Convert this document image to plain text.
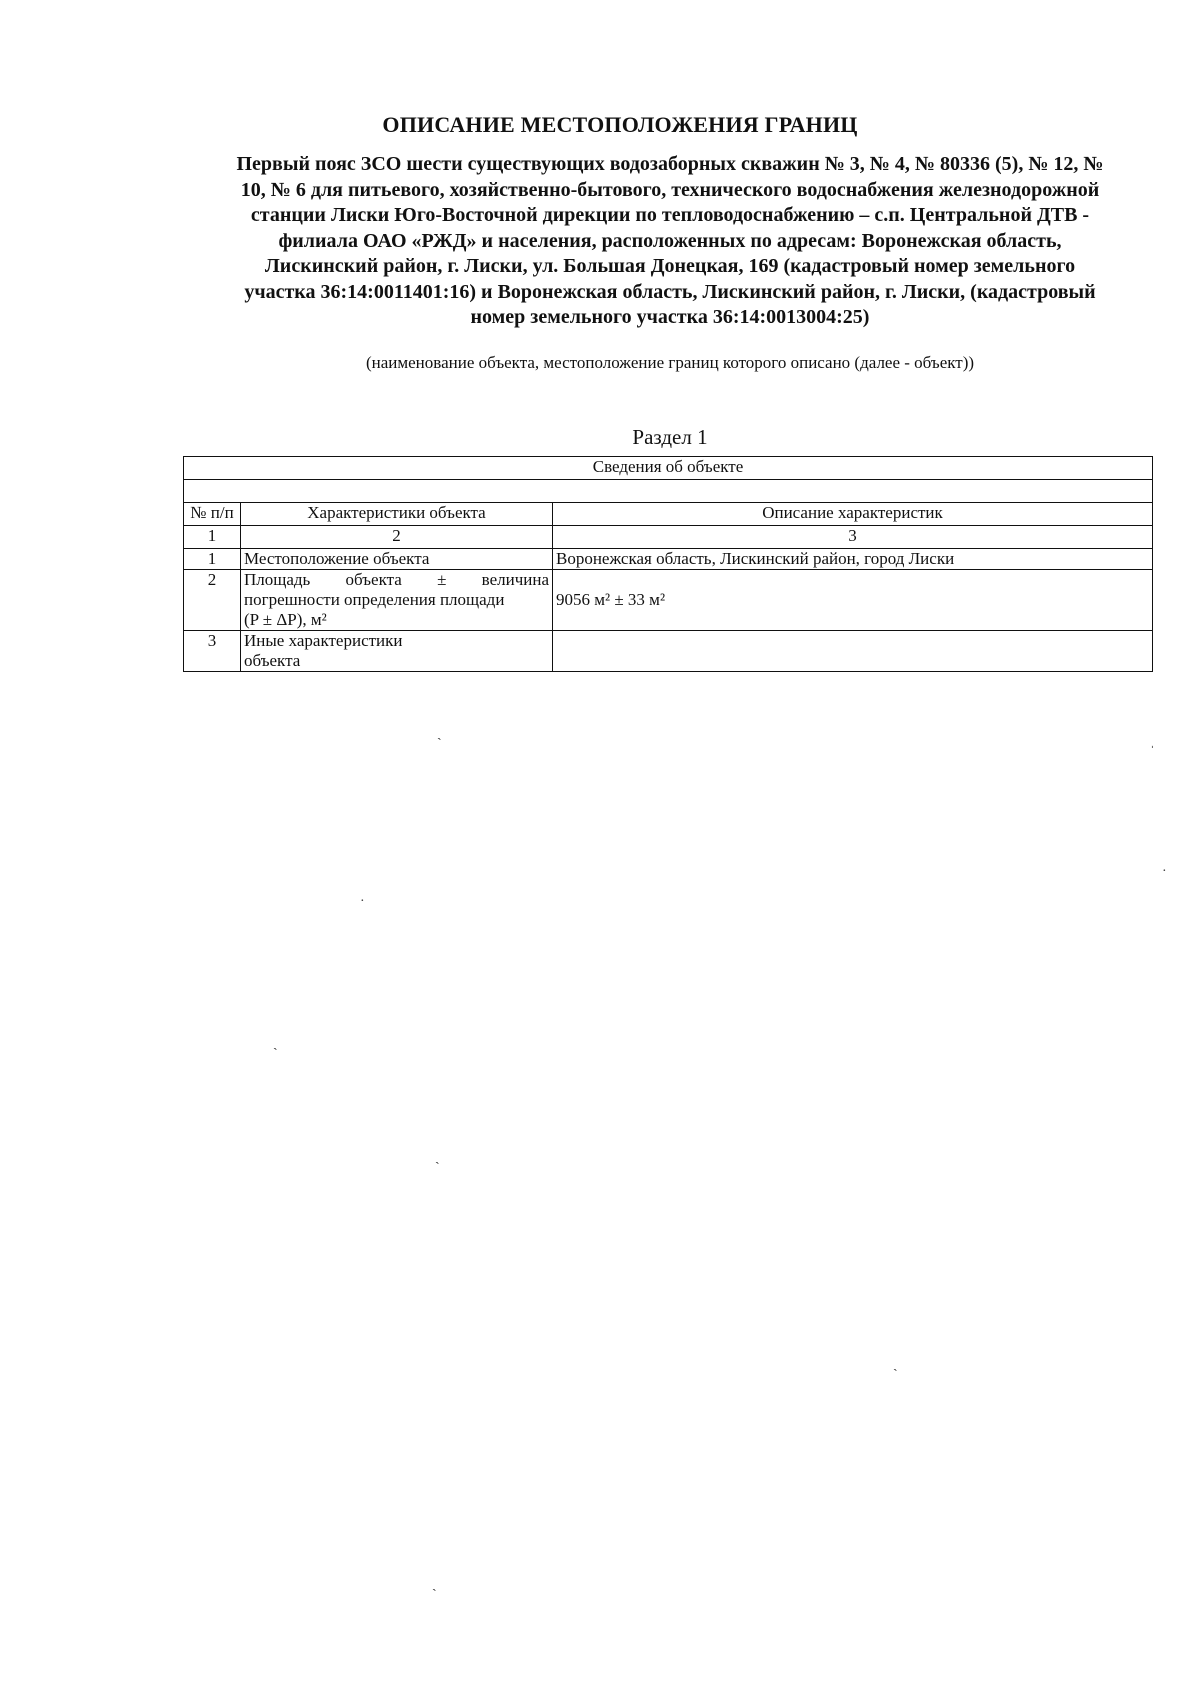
ОПИСАНИЕ МЕСТОПОЛОЖЕНИЯ ГРАНИЦ
Первый пояс ЗСО шести существующих водозаборных скважин № 3, № 4, № 80336 (5), № 12, №
10, № 6 для питьевого, хозяйственно-бытового, технического водоснабжения железнодорожной
станции Лиски Юго-Восточной дирекции по тепловодоснабжению – с.п. Центральной ДТВ -
филиала ОАО «РЖД» и населения, расположенных по адресам: Воронежская область,
Лискинский район, г. Лиски, ул. Большая Донецкая, 169 (кадастровый номер земельного
участка 36:14:0011401:16) и Воронежская область, Лискинский район, г. Лиски, (кадастровый
номер земельного участка 36:14:0013004:25)
(наименование объекта, местоположение границ которого описано (далее - объект))
Раздел 1
Сведения об объекте		

№ п/п	Характеристики объекта	Описание характеристик
1	2	3
1	Местоположение объекта	Воронежская область, Лискинский район, город Лиски
2	Площадь объекта ± величина
погрешности определения площади
(P ± ΔP), м²	9056 м² ± 33 м²
3	Иные характеристики
объекта	

ˎ
ˌ
·
·
ˏ
ˎ
ˏ
ˎ
